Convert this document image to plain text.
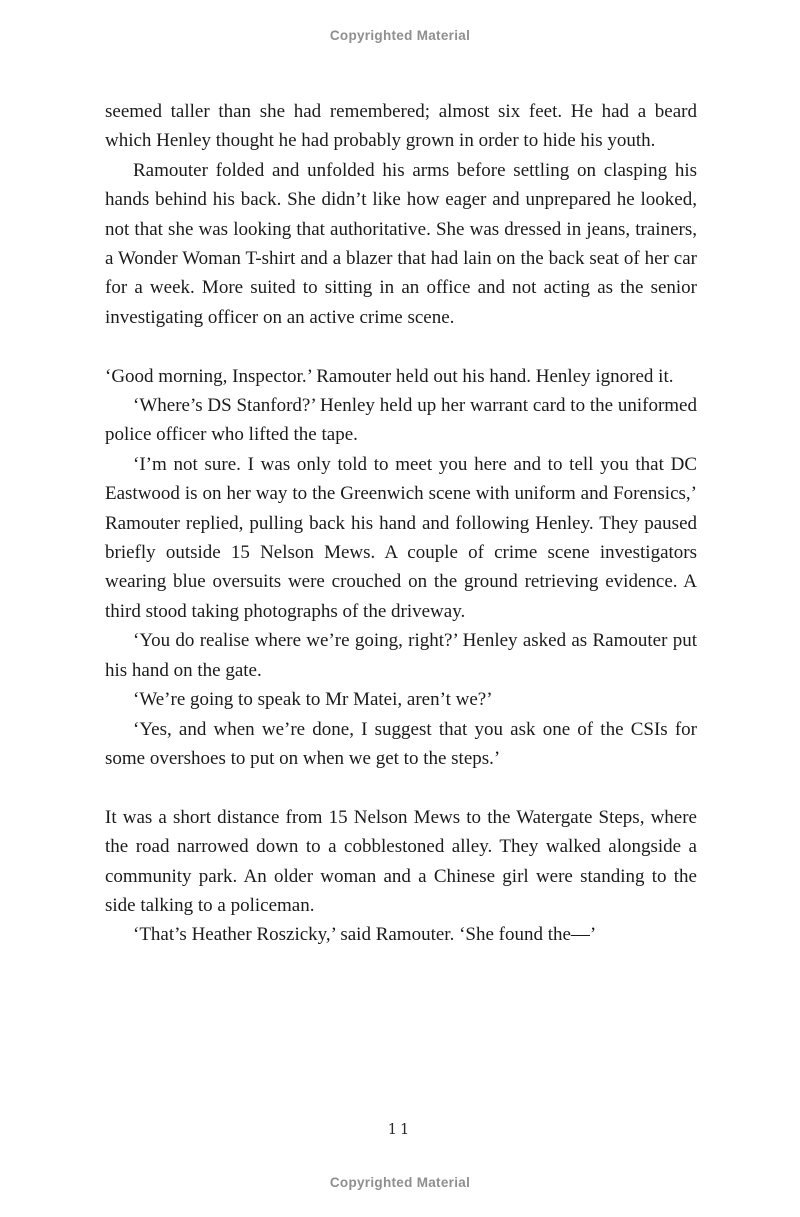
Copyrighted Material

seemed taller than she had remembered; almost six feet. He had a beard which Henley thought he had probably grown in order to hide his youth.

Ramouter folded and unfolded his arms before settling on clasping his hands behind his back. She didn’t like how eager and unprepared he looked, not that she was looking that authoritative. She was dressed in jeans, trainers, a Wonder Woman T-shirt and a blazer that had lain on the back seat of her car for a week. More suited to sitting in an office and not acting as the senior investigating officer on an active crime scene.

‘Good morning, Inspector.’ Ramouter held out his hand. Henley ignored it.

‘Where’s DS Stanford?’ Henley held up her warrant card to the uniformed police officer who lifted the tape.

‘I’m not sure. I was only told to meet you here and to tell you that DC Eastwood is on her way to the Greenwich scene with uniform and Forensics,’ Ramouter replied, pulling back his hand and following Henley. They paused briefly outside 15 Nelson Mews. A couple of crime scene investigators wearing blue oversuits were crouched on the ground retrieving evidence. A third stood taking photographs of the driveway.

‘You do realise where we’re going, right?’ Henley asked as Ramouter put his hand on the gate.

‘We’re going to speak to Mr Matei, aren’t we?’

‘Yes, and when we’re done, I suggest that you ask one of the CSIs for some overshoes to put on when we get to the steps.’

It was a short distance from 15 Nelson Mews to the Watergate Steps, where the road narrowed down to a cobblestoned alley. They walked alongside a community park. An older woman and a Chinese girl were standing to the side talking to a policeman.

‘That’s Heather Roszicky,’ said Ramouter. ‘She found the—’

11
Copyrighted Material
